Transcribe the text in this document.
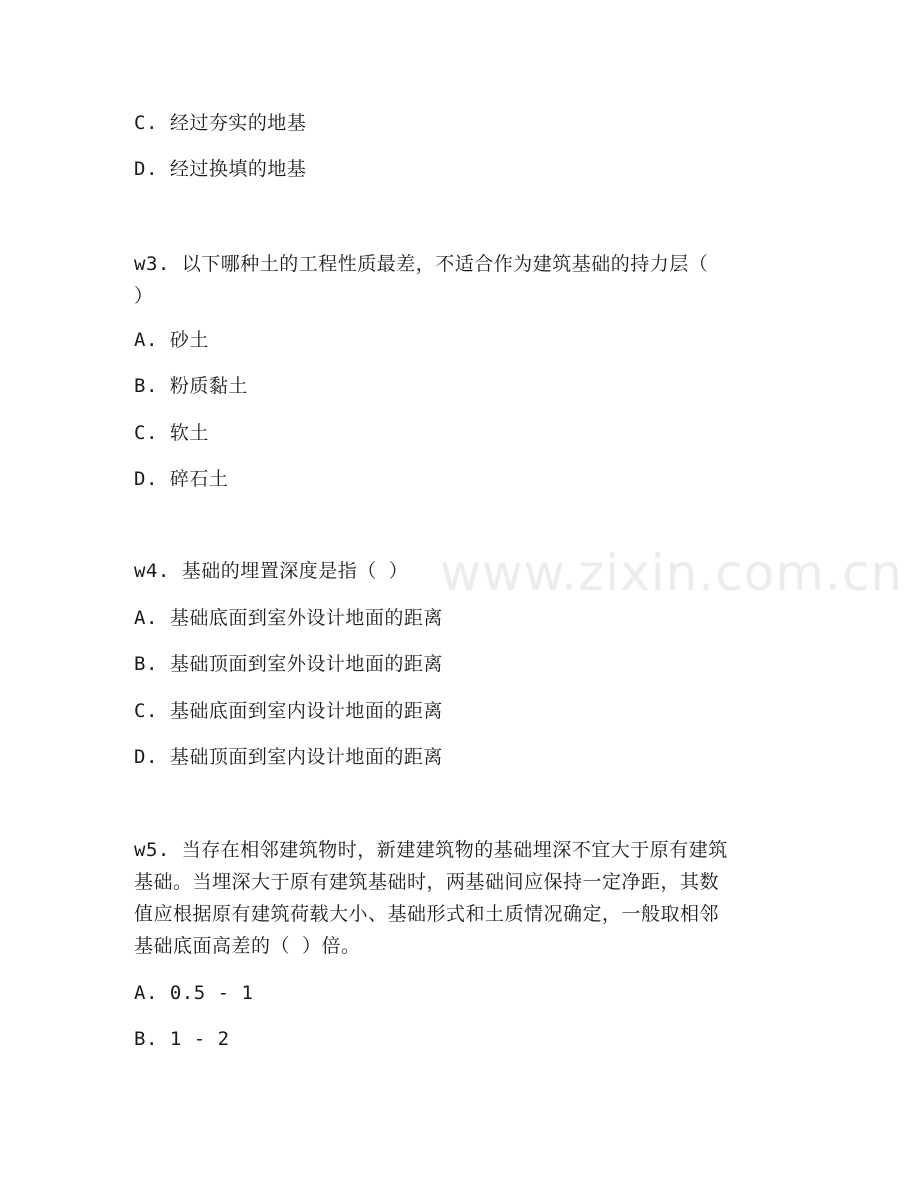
www.zixin.com.cn
C. 经过夯实的地基
D. 经过换填的地基
w3. 以下哪种土的工程性质最差，不适合作为建筑基础的持力层（
）
A. 砂土
B. 粉质黏土
C. 软土
D. 碎石土
w4. 基础的埋置深度是指（ ）
A. 基础底面到室外设计地面的距离
B. 基础顶面到室外设计地面的距离
C. 基础底面到室内设计地面的距离
D. 基础顶面到室内设计地面的距离
w5. 当存在相邻建筑物时，新建建筑物的基础埋深不宜大于原有建筑
基础。当埋深大于原有建筑基础时，两基础间应保持一定净距，其数
值应根据原有建筑荷载大小、基础形式和土质情况确定，一般取相邻
基础底面高差的（ ）倍。
A. 0.5 - 1
B. 1 - 2
